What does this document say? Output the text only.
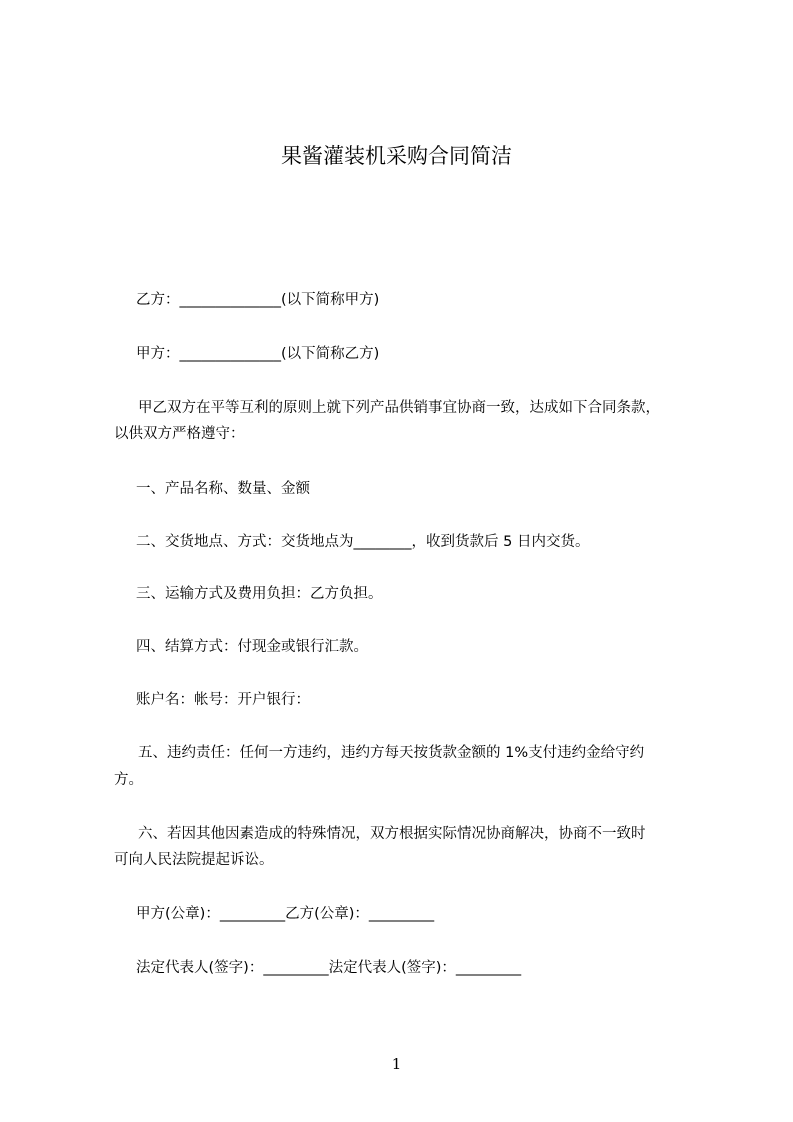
果酱灌装机采购合同简洁
乙方：______________(以下简称甲方)
甲方：______________(以下简称乙方)
甲乙双方在平等互利的原则上就下列产品供销事宜协商一致，达成如下合同条款，
以供双方严格遵守：
一、产品名称、数量、金额
二、交货地点、方式：交货地点为________，收到货款后 5 日内交货。
三、运输方式及费用负担：乙方负担。
四、结算方式：付现金或银行汇款。
账户名：帐号：开户银行：
五、违约责任：任何一方违约，违约方每天按货款金额的 1%支付违约金给守约
方。
六、若因其他因素造成的特殊情况，双方根据实际情况协商解决，协商不一致时
可向人民法院提起诉讼。
甲方(公章)：_________乙方(公章)：_________
法定代表人(签字)：_________法定代表人(签字)：_________
1
